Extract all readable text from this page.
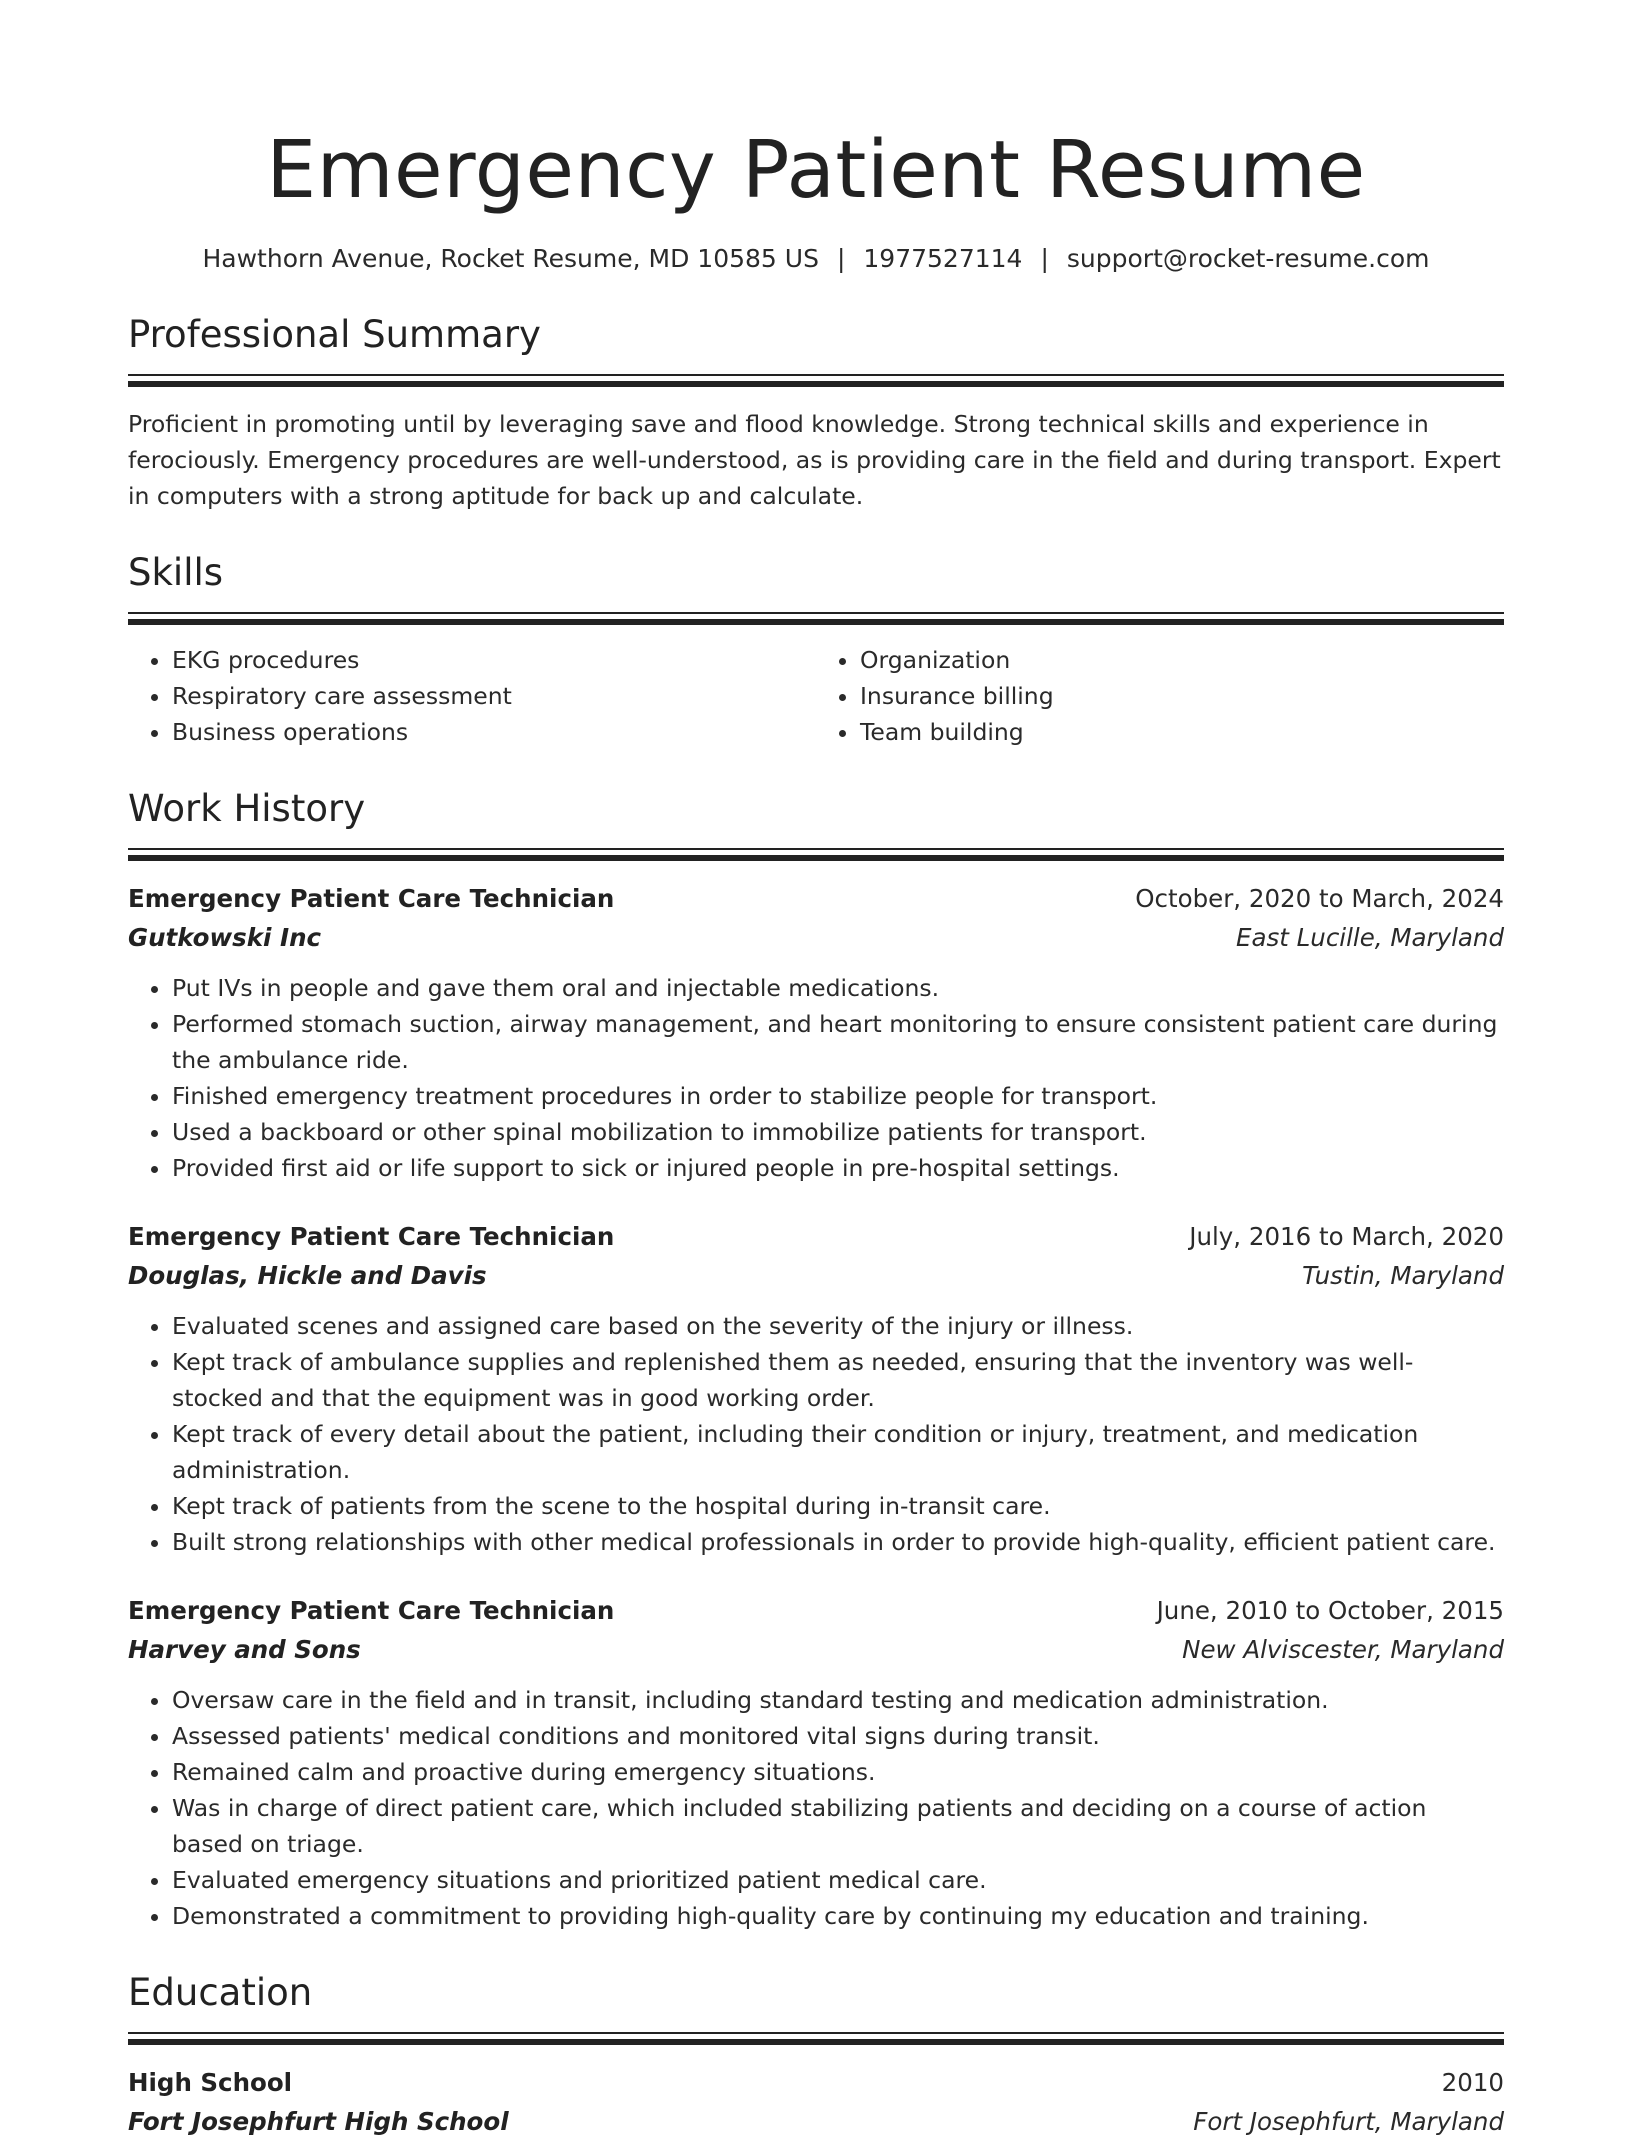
Emergency Patient Resume
Hawthorn Avenue, Rocket Resume, MD 10585 US | 1977527114 | support@rocket-resume.com
Professional Summary
Proficient in promoting until by leveraging save and flood knowledge. Strong technical skills and experience in ferociously. Emergency procedures are well-understood, as is providing care in the field and during transport. Expert in computers with a strong aptitude for back up and calculate.
Skills
• EKG procedures
• Respiratory care assessment
• Business operations
• Organization
• Insurance billing
• Team building
Work History
Emergency Patient Care Technician	October, 2020 to March, 2024
Gutkowski Inc	East Lucille, Maryland
• Put IVs in people and gave them oral and injectable medications.
• Performed stomach suction, airway management, and heart monitoring to ensure consistent patient care during the ambulance ride.
• Finished emergency treatment procedures in order to stabilize people for transport.
• Used a backboard or other spinal mobilization to immobilize patients for transport.
• Provided first aid or life support to sick or injured people in pre-hospital settings.
Emergency Patient Care Technician	July, 2016 to March, 2020
Douglas, Hickle and Davis	Tustin, Maryland
• Evaluated scenes and assigned care based on the severity of the injury or illness.
• Kept track of ambulance supplies and replenished them as needed, ensuring that the inventory was well-stocked and that the equipment was in good working order.
• Kept track of every detail about the patient, including their condition or injury, treatment, and medication administration.
• Kept track of patients from the scene to the hospital during in-transit care.
• Built strong relationships with other medical professionals in order to provide high-quality, efficient patient care.
Emergency Patient Care Technician	June, 2010 to October, 2015
Harvey and Sons	New Alviscester, Maryland
• Oversaw care in the field and in transit, including standard testing and medication administration.
• Assessed patients' medical conditions and monitored vital signs during transit.
• Remained calm and proactive during emergency situations.
• Was in charge of direct patient care, which included stabilizing patients and deciding on a course of action based on triage.
• Evaluated emergency situations and prioritized patient medical care.
• Demonstrated a commitment to providing high-quality care by continuing my education and training.
Education
High School	2010
Fort Josephfurt High School	Fort Josephfurt, Maryland
